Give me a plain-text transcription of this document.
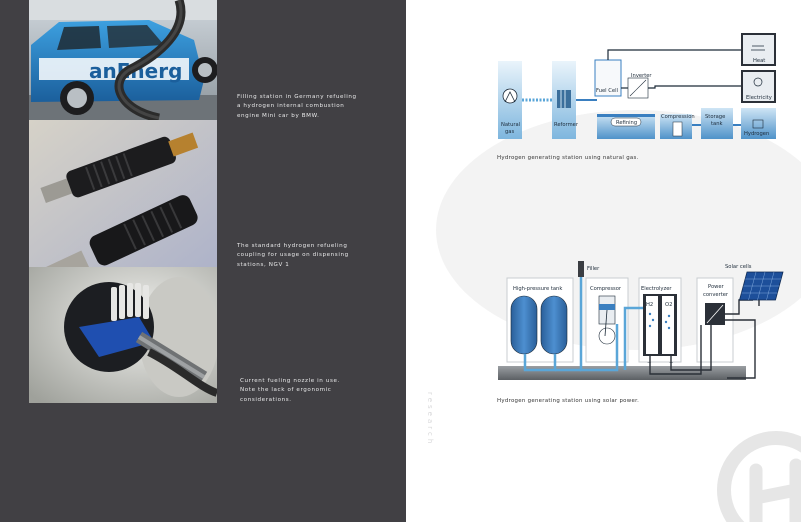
anEnerg
Filling station in Germany refueling
a hydrogen internal combustion
engine Mini car by BMW.
The standard hydrogen refueling
coupling for usage on dispensing
stations, NGV 1
Current fueling nozzle in use.
Note the lack of ergonomic
considerations.	research
Natural
gas
Reformer
Fuel Cell
Inverter
Refining
Compression Storage
tank
Hydrogen
Heat
Electricity
Hydrogen generating station using natural gas.
High-pressure tank	Compressor	Electrolyzer
H2 O2
−	+
Power
converter
Filler	Solar cells
Hydrogen generating station using solar power.
